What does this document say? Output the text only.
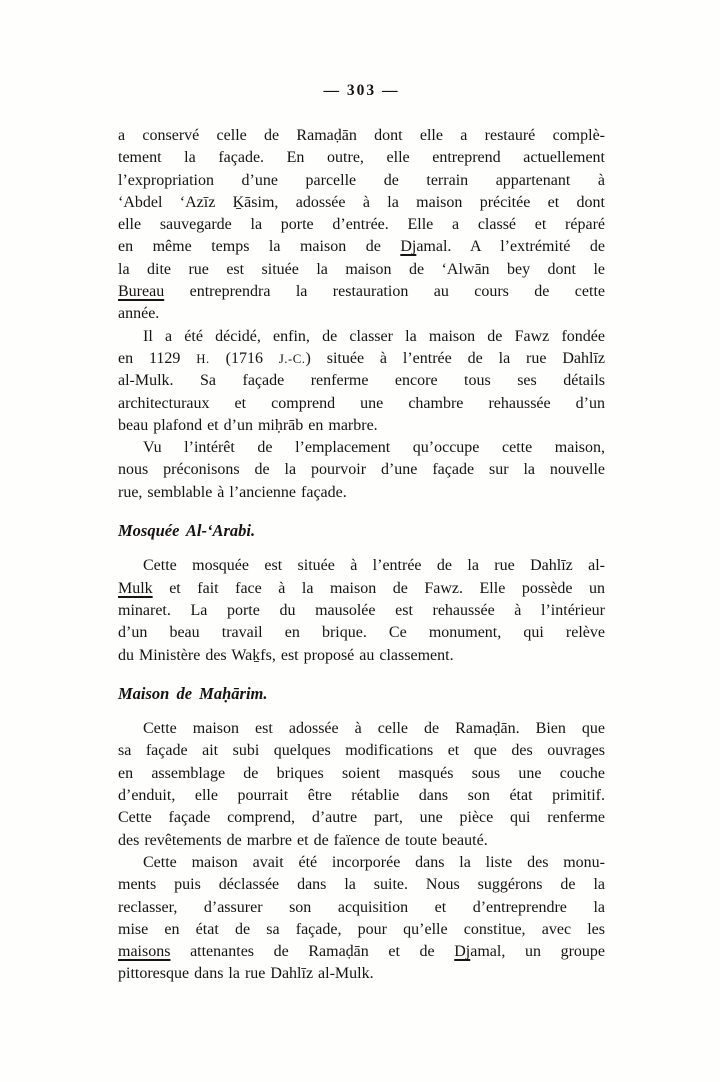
— 303 —
a conservé celle de Ramaḍān dont elle a restauré complè-
tement la façade. En outre, elle entreprend actuellement
l’expropriation d’une parcelle de terrain appartenant à
‘Abdel ‘Azīz Ḵāsim, adossée à la maison précitée et dont
elle sauvegarde la porte d’entrée. Elle a classé et réparé
en même temps la maison de Djamal. A l’extrémité de
la dite rue est située la maison de ‘Alwān bey dont le
Bureau entreprendra la restauration au cours de cette
année.
Il a été décidé, enfin, de classer la maison de Fawz fondée
en 1129 H. (1716 J.-C.) située à l’entrée de la rue Dahlīz
al-Mulk. Sa façade renferme encore tous ses détails
architecturaux et comprend une chambre rehaussée d’un
beau plafond et d’un miḥrāb en marbre.
Vu l’intérêt de l’emplacement qu’occupe cette maison,
nous préconisons de la pourvoir d’une façade sur la nouvelle
rue, semblable à l’ancienne façade.
Mosquée Al-‘Arabi.
Cette mosquée est située à l’entrée de la rue Dahlīz al-
Mulk et fait face à la maison de Fawz. Elle possède un
minaret. La porte du mausolée est rehaussée à l’intérieur
d’un beau travail en brique. Ce monument, qui relève
du Ministère des Waḵfs, est proposé au classement.
Maison de Maḥārim.
Cette maison est adossée à celle de Ramaḍān. Bien que
sa façade ait subi quelques modifications et que des ouvrages
en assemblage de briques soient masqués sous une couche
d’enduit, elle pourrait être rétablie dans son état primitif.
Cette façade comprend, d’autre part, une pièce qui renferme
des revêtements de marbre et de faïence de toute beauté.
Cette maison avait été incorporée dans la liste des monu-
ments puis déclassée dans la suite. Nous suggérons de la
reclasser, d’assurer son acquisition et d’entreprendre la
mise en état de sa façade, pour qu’elle constitue, avec les
maisons attenantes de Ramaḍān et de Djamal, un groupe
pittoresque dans la rue Dahlīz al-Mulk.
